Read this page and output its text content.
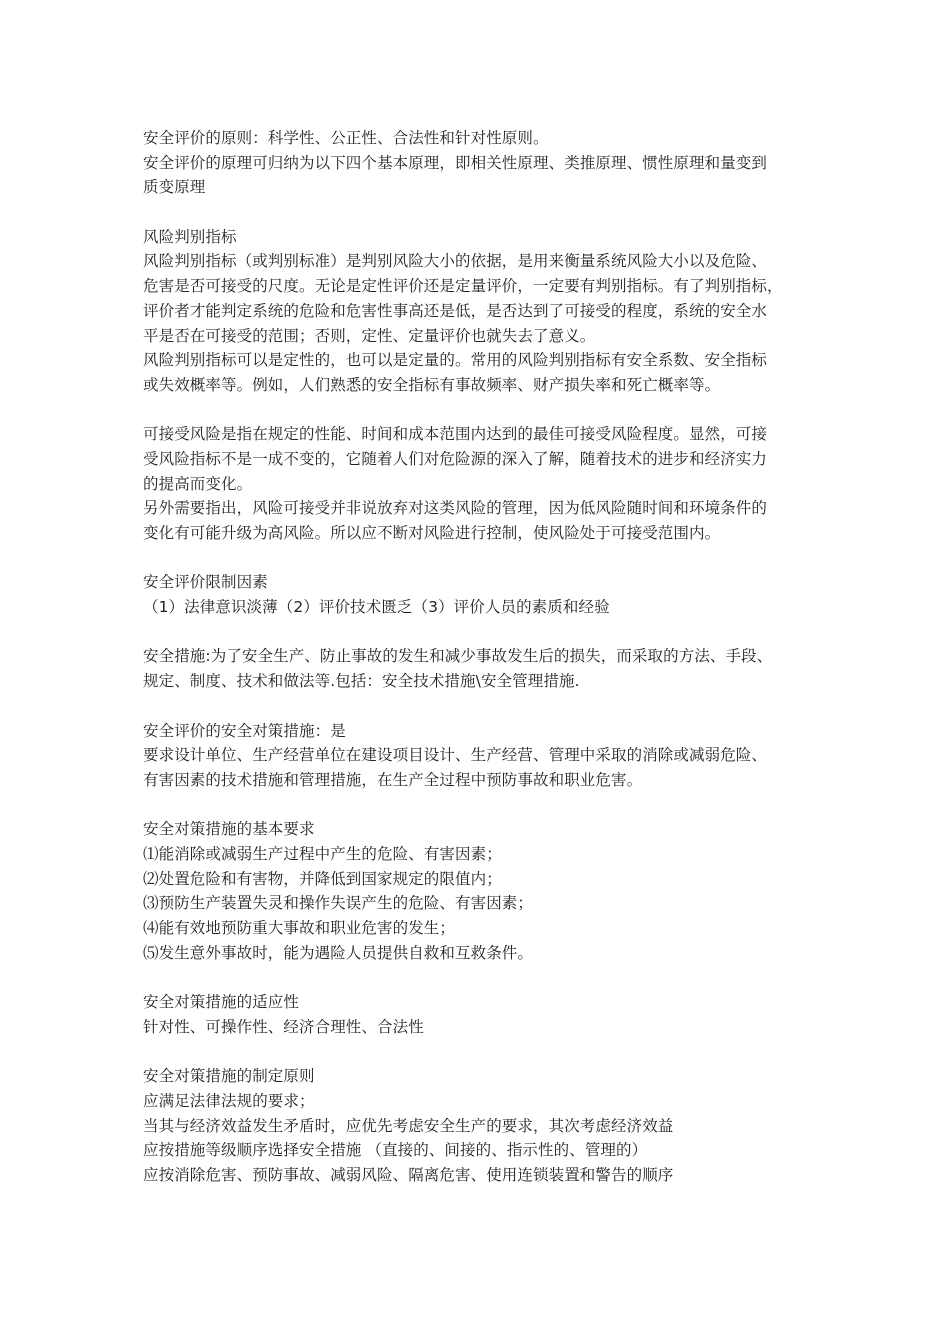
安全评价的原则：科学性、公正性、合法性和针对性原则。
安全评价的原理可归纳为以下四个基本原理，即相关性原理、类推原理、惯性原理和量变到
质变原理
风险判别指标
风险判别指标（或判别标准）是判别风险大小的依据，是用来衡量系统风险大小以及危险、
危害是否可接受的尺度。无论是定性评价还是定量评价，一定要有判别指标。有了判别指标，
评价者才能判定系统的危险和危害性事高还是低，是否达到了可接受的程度，系统的安全水
平是否在可接受的范围；否则，定性、定量评价也就失去了意义。
风险判别指标可以是定性的，也可以是定量的。常用的风险判别指标有安全系数、安全指标
或失效概率等。例如，人们熟悉的安全指标有事故频率、财产损失率和死亡概率等。
可接受风险是指在规定的性能、时间和成本范围内达到的最佳可接受风险程度。显然，可接
受风险指标不是一成不变的，它随着人们对危险源的深入了解，随着技术的进步和经济实力
的提高而变化。
另外需要指出，风险可接受并非说放弃对这类风险的管理，因为低风险随时间和环境条件的
变化有可能升级为高风险。所以应不断对风险进行控制，使风险处于可接受范围内。
安全评价限制因素
（1）法律意识淡薄（2）评价技术匮乏（3）评价人员的素质和经验
安全措施:为了安全生产、防止事故的发生和减少事故发生后的损失，而采取的方法、手段、
规定、制度、技术和做法等.包括：安全技术措施\安全管理措施.
安全评价的安全对策措施：是
要求设计单位、生产经营单位在建设项目设计、生产经营、管理中采取的消除或减弱危险、
有害因素的技术措施和管理措施，在生产全过程中预防事故和职业危害。
安全对策措施的基本要求
⑴能消除或减弱生产过程中产生的危险、有害因素；
⑵处置危险和有害物，并降低到国家规定的限值内；
⑶预防生产装置失灵和操作失误产生的危险、有害因素；
⑷能有效地预防重大事故和职业危害的发生；
⑸发生意外事故时，能为遇险人员提供自救和互救条件。
安全对策措施的适应性
针对性、可操作性、经济合理性、合法性
安全对策措施的制定原则
应满足法律法规的要求；
当其与经济效益发生矛盾时，应优先考虑安全生产的要求，其次考虑经济效益
应按措施等级顺序选择安全措施 （直接的、间接的、指示性的、管理的）
应按消除危害、预防事故、减弱风险、隔离危害、使用连锁装置和警告的顺序
